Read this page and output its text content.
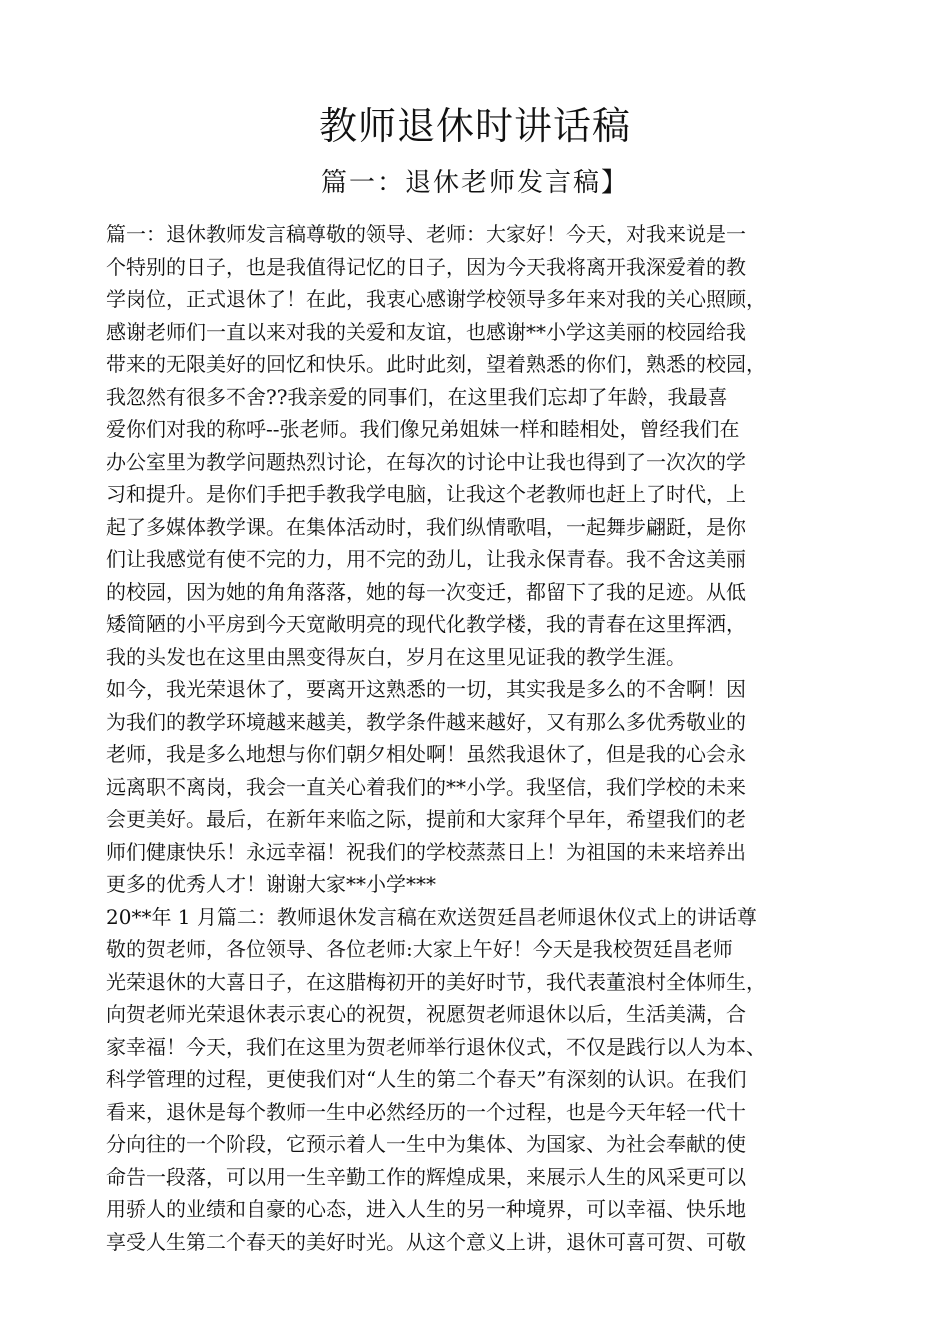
教师退休时讲话稿
篇一：退休老师发言稿】
篇一：退休教师发言稿尊敬的领导、老师：大家好！今天，对我来说是一
个特别的日子，也是我值得记忆的日子，因为今天我将离开我深爱着的教
学岗位，正式退休了！在此，我衷心感谢学校领导多年来对我的关心照顾，
感谢老师们一直以来对我的关爱和友谊，也感谢**小学这美丽的校园给我
带来的无限美好的回忆和快乐。此时此刻，望着熟悉的你们，熟悉的校园，
我忽然有很多不舍??我亲爱的同事们，在这里我们忘却了年龄，我最喜
爱你们对我的称呼--张老师。我们像兄弟姐妹一样和睦相处，曾经我们在
办公室里为教学问题热烈讨论，在每次的讨论中让我也得到了一次次的学
习和提升。是你们手把手教我学电脑，让我这个老教师也赶上了时代，上
起了多媒体教学课。在集体活动时，我们纵情歌唱，一起舞步翩跹，是你
们让我感觉有使不完的力，用不完的劲儿，让我永保青春。我不舍这美丽
的校园，因为她的角角落落，她的每一次变迁，都留下了我的足迹。从低
矮简陋的小平房到今天宽敞明亮的现代化教学楼，我的青春在这里挥洒，
我的头发也在这里由黑变得灰白，岁月在这里见证我的教学生涯。
如今，我光荣退休了，要离开这熟悉的一切，其实我是多么的不舍啊！因
为我们的教学环境越来越美，教学条件越来越好，又有那么多优秀敬业的
老师，我是多么地想与你们朝夕相处啊！虽然我退休了，但是我的心会永
远离职不离岗，我会一直关心着我们的**小学。我坚信，我们学校的未来
会更美好。最后，在新年来临之际，提前和大家拜个早年，希望我们的老
师们健康快乐！永远幸福！祝我们的学校蒸蒸日上！为祖国的未来培养出
更多的优秀人才！谢谢大家**小学***
20**年 1 月篇二：教师退休发言稿在欢送贺廷昌老师退休仪式上的讲话尊
敬的贺老师，各位领导、各位老师:大家上午好！今天是我校贺廷昌老师
光荣退休的大喜日子，在这腊梅初开的美好时节，我代表董浪村全体师生，
向贺老师光荣退休表示衷心的祝贺，祝愿贺老师退休以后，生活美满，合
家幸福！今天，我们在这里为贺老师举行退休仪式，不仅是践行以人为本、
科学管理的过程，更使我们对“人生的第二个春天”有深刻的认识。在我们
看来，退休是每个教师一生中必然经历的一个过程，也是今天年轻一代十
分向往的一个阶段，它预示着人一生中为集体、为国家、为社会奉献的使
命告一段落，可以用一生辛勤工作的辉煌成果，来展示人生的风采更可以
用骄人的业绩和自豪的心态，进入人生的另一种境界，可以幸福、快乐地
享受人生第二个春天的美好时光。从这个意义上讲，退休可喜可贺、可敬
